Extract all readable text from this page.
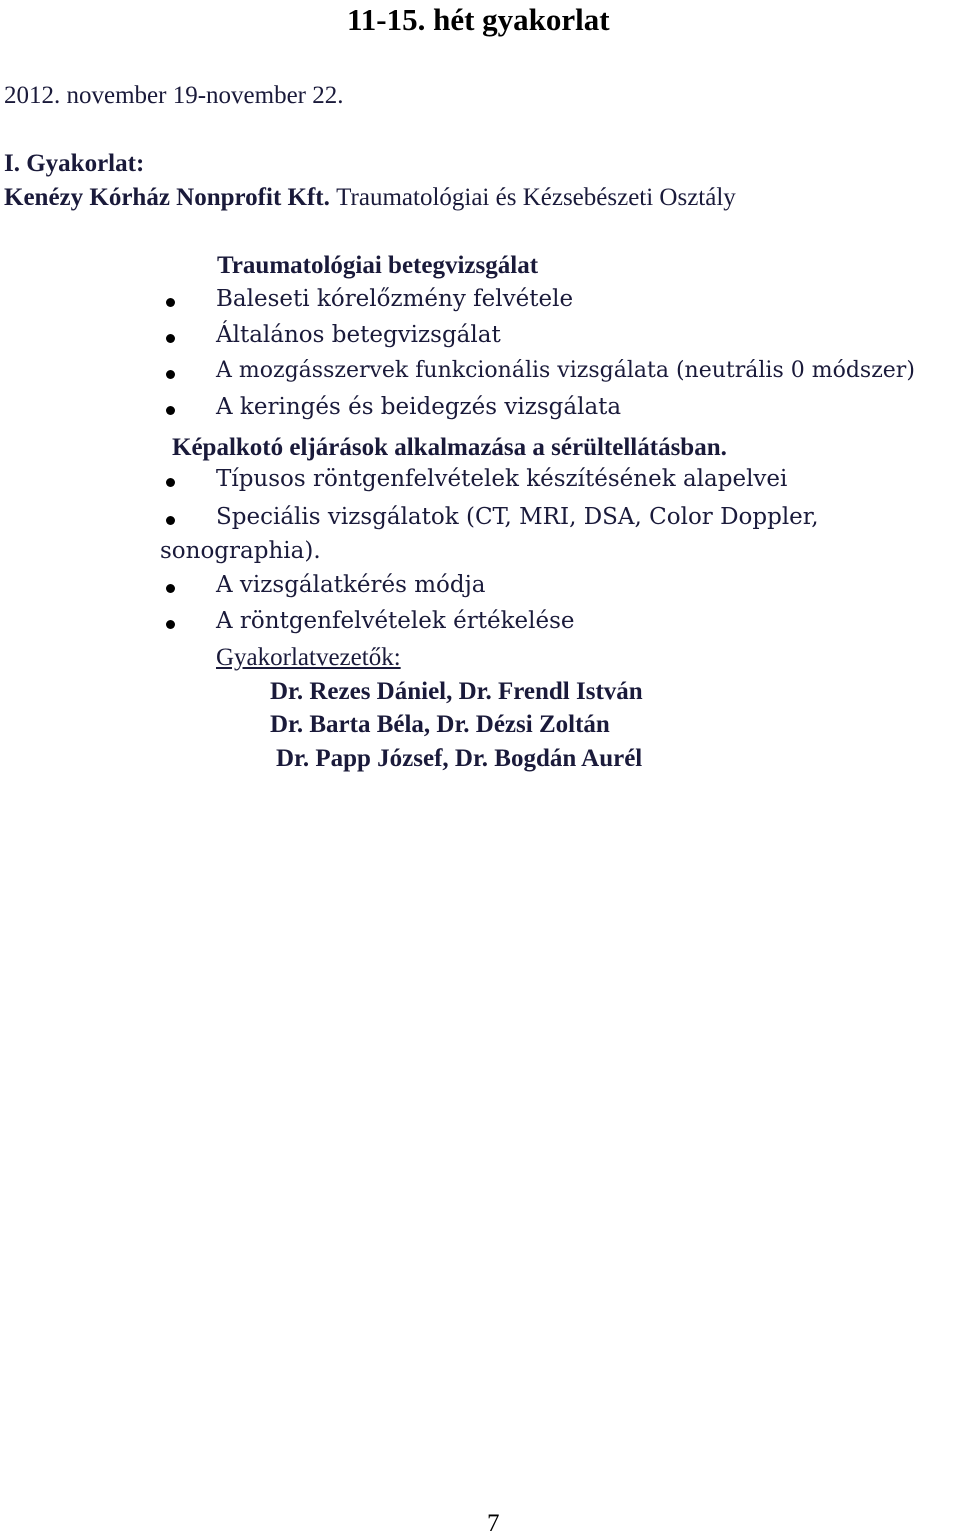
11-15. hét gyakorlat
2012. november 19-november 22.
I. Gyakorlat:
Kenézy Kórház Nonprofit Kft. Traumatológiai és Kézsebészeti Osztály
Traumatológiai betegvizsgálat
Baleseti kórelőzmény felvétele
Általános betegvizsgálat
A mozgásszervek funkcionális vizsgálata (neutrális 0 módszer)
A keringés és beidegzés vizsgálata
Képalkotó eljárások alkalmazása a sérültellátásban.
Típusos röntgenfelvételek készítésének alapelvei
Speciális vizsgálatok (CT, MRI, DSA, Color Doppler,
sonographia).
A vizsgálatkérés módja
A röntgenfelvételek értékelése
Gyakorlatvezetők:
Dr. Rezes Dániel, Dr. Frendl István
Dr. Barta Béla, Dr. Dézsi Zoltán
Dr. Papp József, Dr. Bogdán Aurél
7
